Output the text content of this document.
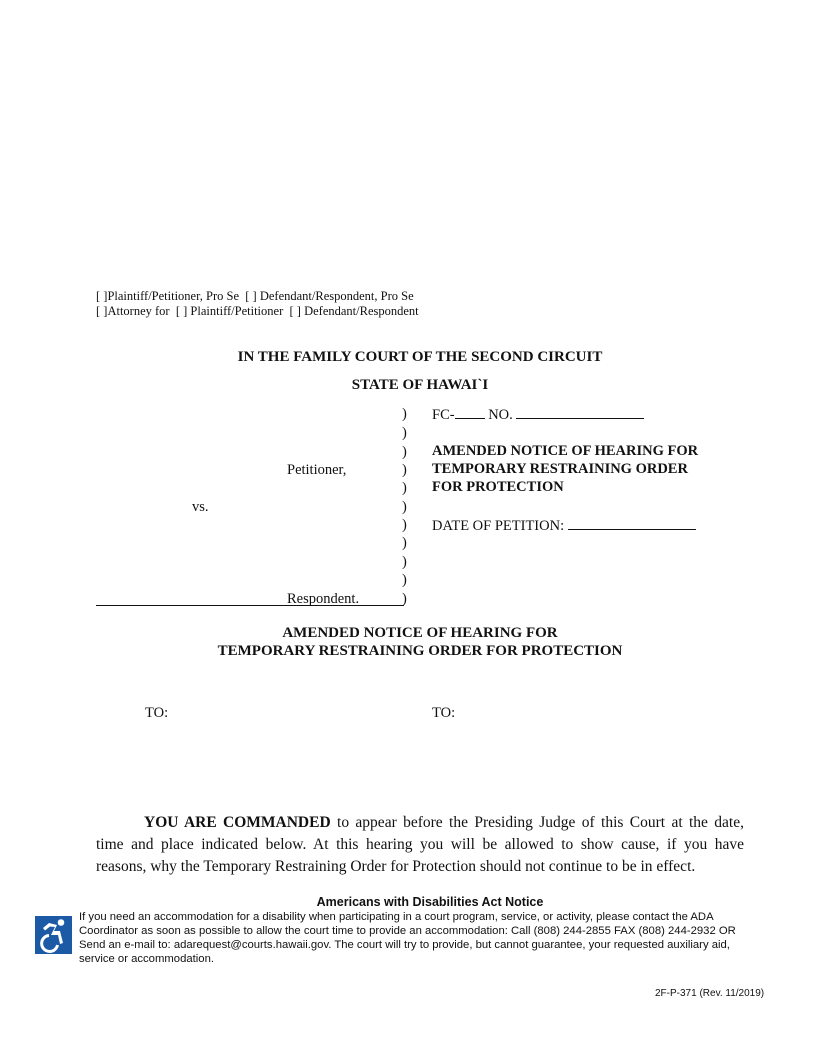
[ ]Plaintiff/Petitioner, Pro Se [ ] Defendant/Respondent, Pro Se
[ ]Attorney for [ ] Plaintiff/Petitioner [ ] Defendant/Respondent
IN THE FAMILY COURT OF THE SECOND CIRCUIT
STATE OF HAWAI`I
)
)
)
)
)
)
)
)
)
)
)
Petitioner,
vs.
Respondent.
FC- NO.
AMENDED NOTICE OF HEARING FOR
TEMPORARY RESTRAINING ORDER
FOR PROTECTION
DATE OF PETITION:
AMENDED NOTICE OF HEARING FOR
TEMPORARY RESTRAINING ORDER FOR PROTECTION
TO:	TO:
YOU ARE COMMANDED to appear before the Presiding Judge of this Court at the date,
time and place indicated below. At this hearing you will be allowed to show cause, if you have
reasons, why the Temporary Restraining Order for Protection should not continue to be in effect.
Americans with Disabilities Act Notice
If you need an accommodation for a disability when participating in a court program, service, or activity, please contact the ADA
Coordinator as soon as possible to allow the court time to provide an accommodation: Call (808) 244-2855 FAX (808) 244-2932 OR
Send an e-mail to: adarequest@courts.hawaii.gov. The court will try to provide, but cannot guarantee, your requested auxiliary aid,
service or accommodation.
2F-P-371 (Rev. 11/2019)
